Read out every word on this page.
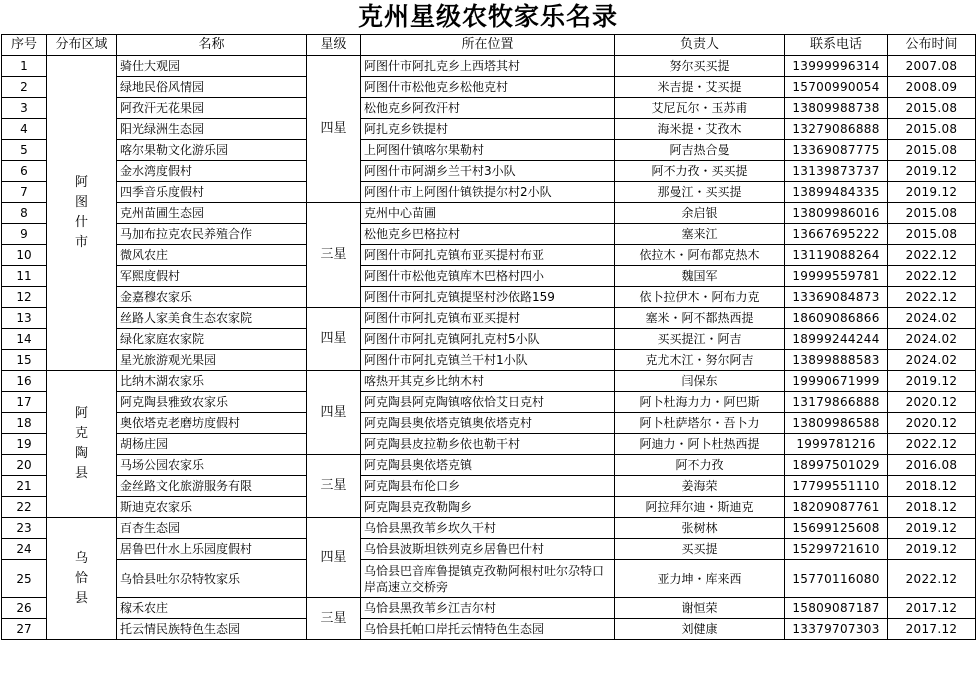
克州星级农牧家乐名录
序号	分布区域	名称	星级	所在位置	负责人	联系电话	公布时间
1	阿图什市	骑仕大观园	四星	阿图什市阿扎克乡上西塔其村	努尔买买提	13999996314	2007.08
2		绿地民俗风情园		阿图什市松他克乡松他克村	米吉提・艾买提	15700990054	2008.09
3		阿孜汗无花果园		松他克乡阿孜汗村	艾尼瓦尔・玉苏甫	13809988738	2015.08
4		阳光绿洲生态园		阿扎克乡铁提村	海米提・艾孜木	13279086888	2015.08
5		喀尔果勒文化游乐园		上阿图什镇喀尔果勒村	阿吉热合曼	13369087775	2015.08
6		金水湾度假村		阿图什市阿湖乡兰干村3小队	阿不力孜・买买提	13139873737	2019.12
7		四季音乐度假村		阿图什市上阿图什镇铁提尔村2小队	那曼江・买买提	13899484335	2019.12
8		克州苗圃生态园	三星	克州中心苗圃	余启银	13809986016	2015.08
9		马加布拉克农民养殖合作		松他克乡巴格拉村	塞来江	13667695222	2015.08
10		微风农庄		阿图什市阿扎克镇布亚买提村布亚	依拉木・阿布都克热木	13119088264	2022.12
11		军熙度假村		阿图什市松他克镇库木巴格村四小	魏国军	19999559781	2022.12
12		金嘉穆农家乐		阿图什市阿扎克镇提坚村沙依路159	依卜拉伊木・阿布力克	13369084873	2022.12
13		丝路人家美食生态农家院	四星	阿图什市阿扎克镇布亚买提村	塞米・阿不都热西提	18609086866	2024.02
14		绿化家庭农家院		阿图什市阿扎克镇阿扎克村5小队	买买提江・阿吉	18999244244	2024.02
15		星光旅游观光果园		阿图什市阿扎克镇兰干村1小队	克尤木江・努尔阿吉	13899888583	2024.02
16	阿克陶县	比纳木湖农家乐	四星	喀热开其克乡比纳木村	闫保东	19990671999	2019.12
17		阿克陶县雅致农家乐		阿克陶县阿克陶镇喀依恰艾日克村	阿卜杜海力力・阿巴斯	13179866888	2020.12
18		奥依塔克老磨坊度假村		阿克陶县奥依塔克镇奥依塔克村	阿卜杜萨塔尔・吾卜力	13809986588	2020.12
19		胡杨庄园		阿克陶县皮拉勒乡依也勒干村	阿迪力・阿卜杜热西提	1999781216	2022.12
20		马场公园农家乐	三星	阿克陶县奥依塔克镇	阿不力孜	18997501029	2016.08
21		金丝路文化旅游服务有限		阿克陶县布伦口乡	姜海荣	17799551110	2018.12
22		斯迪克农家乐		阿克陶县克孜勒陶乡	阿拉拜尔迪・斯迪克	18209087761	2018.12
23	乌恰县	百杏生态园	四星	乌恰县黑孜苇乡坎久干村	张树林	15699125608	2019.12
24		居鲁巴什水上乐园度假村		乌恰县波斯坦铁列克乡居鲁巴什村	买买提	15299721610	2019.12
25		乌恰县吐尔尕特牧家乐		乌恰县巴音库鲁提镇克孜勒阿根村吐尔尕特口岸高速立交桥旁	亚力坤・库来西	15770116080	2022.12
26		稼禾农庄	三星	乌恰县黑孜苇乡江吉尔村	谢恒荣	15809087187	2017.12
27		托云情民族特色生态园		乌恰县托帕口岸托云情特色生态园	刘健康	13379707303	2017.12
